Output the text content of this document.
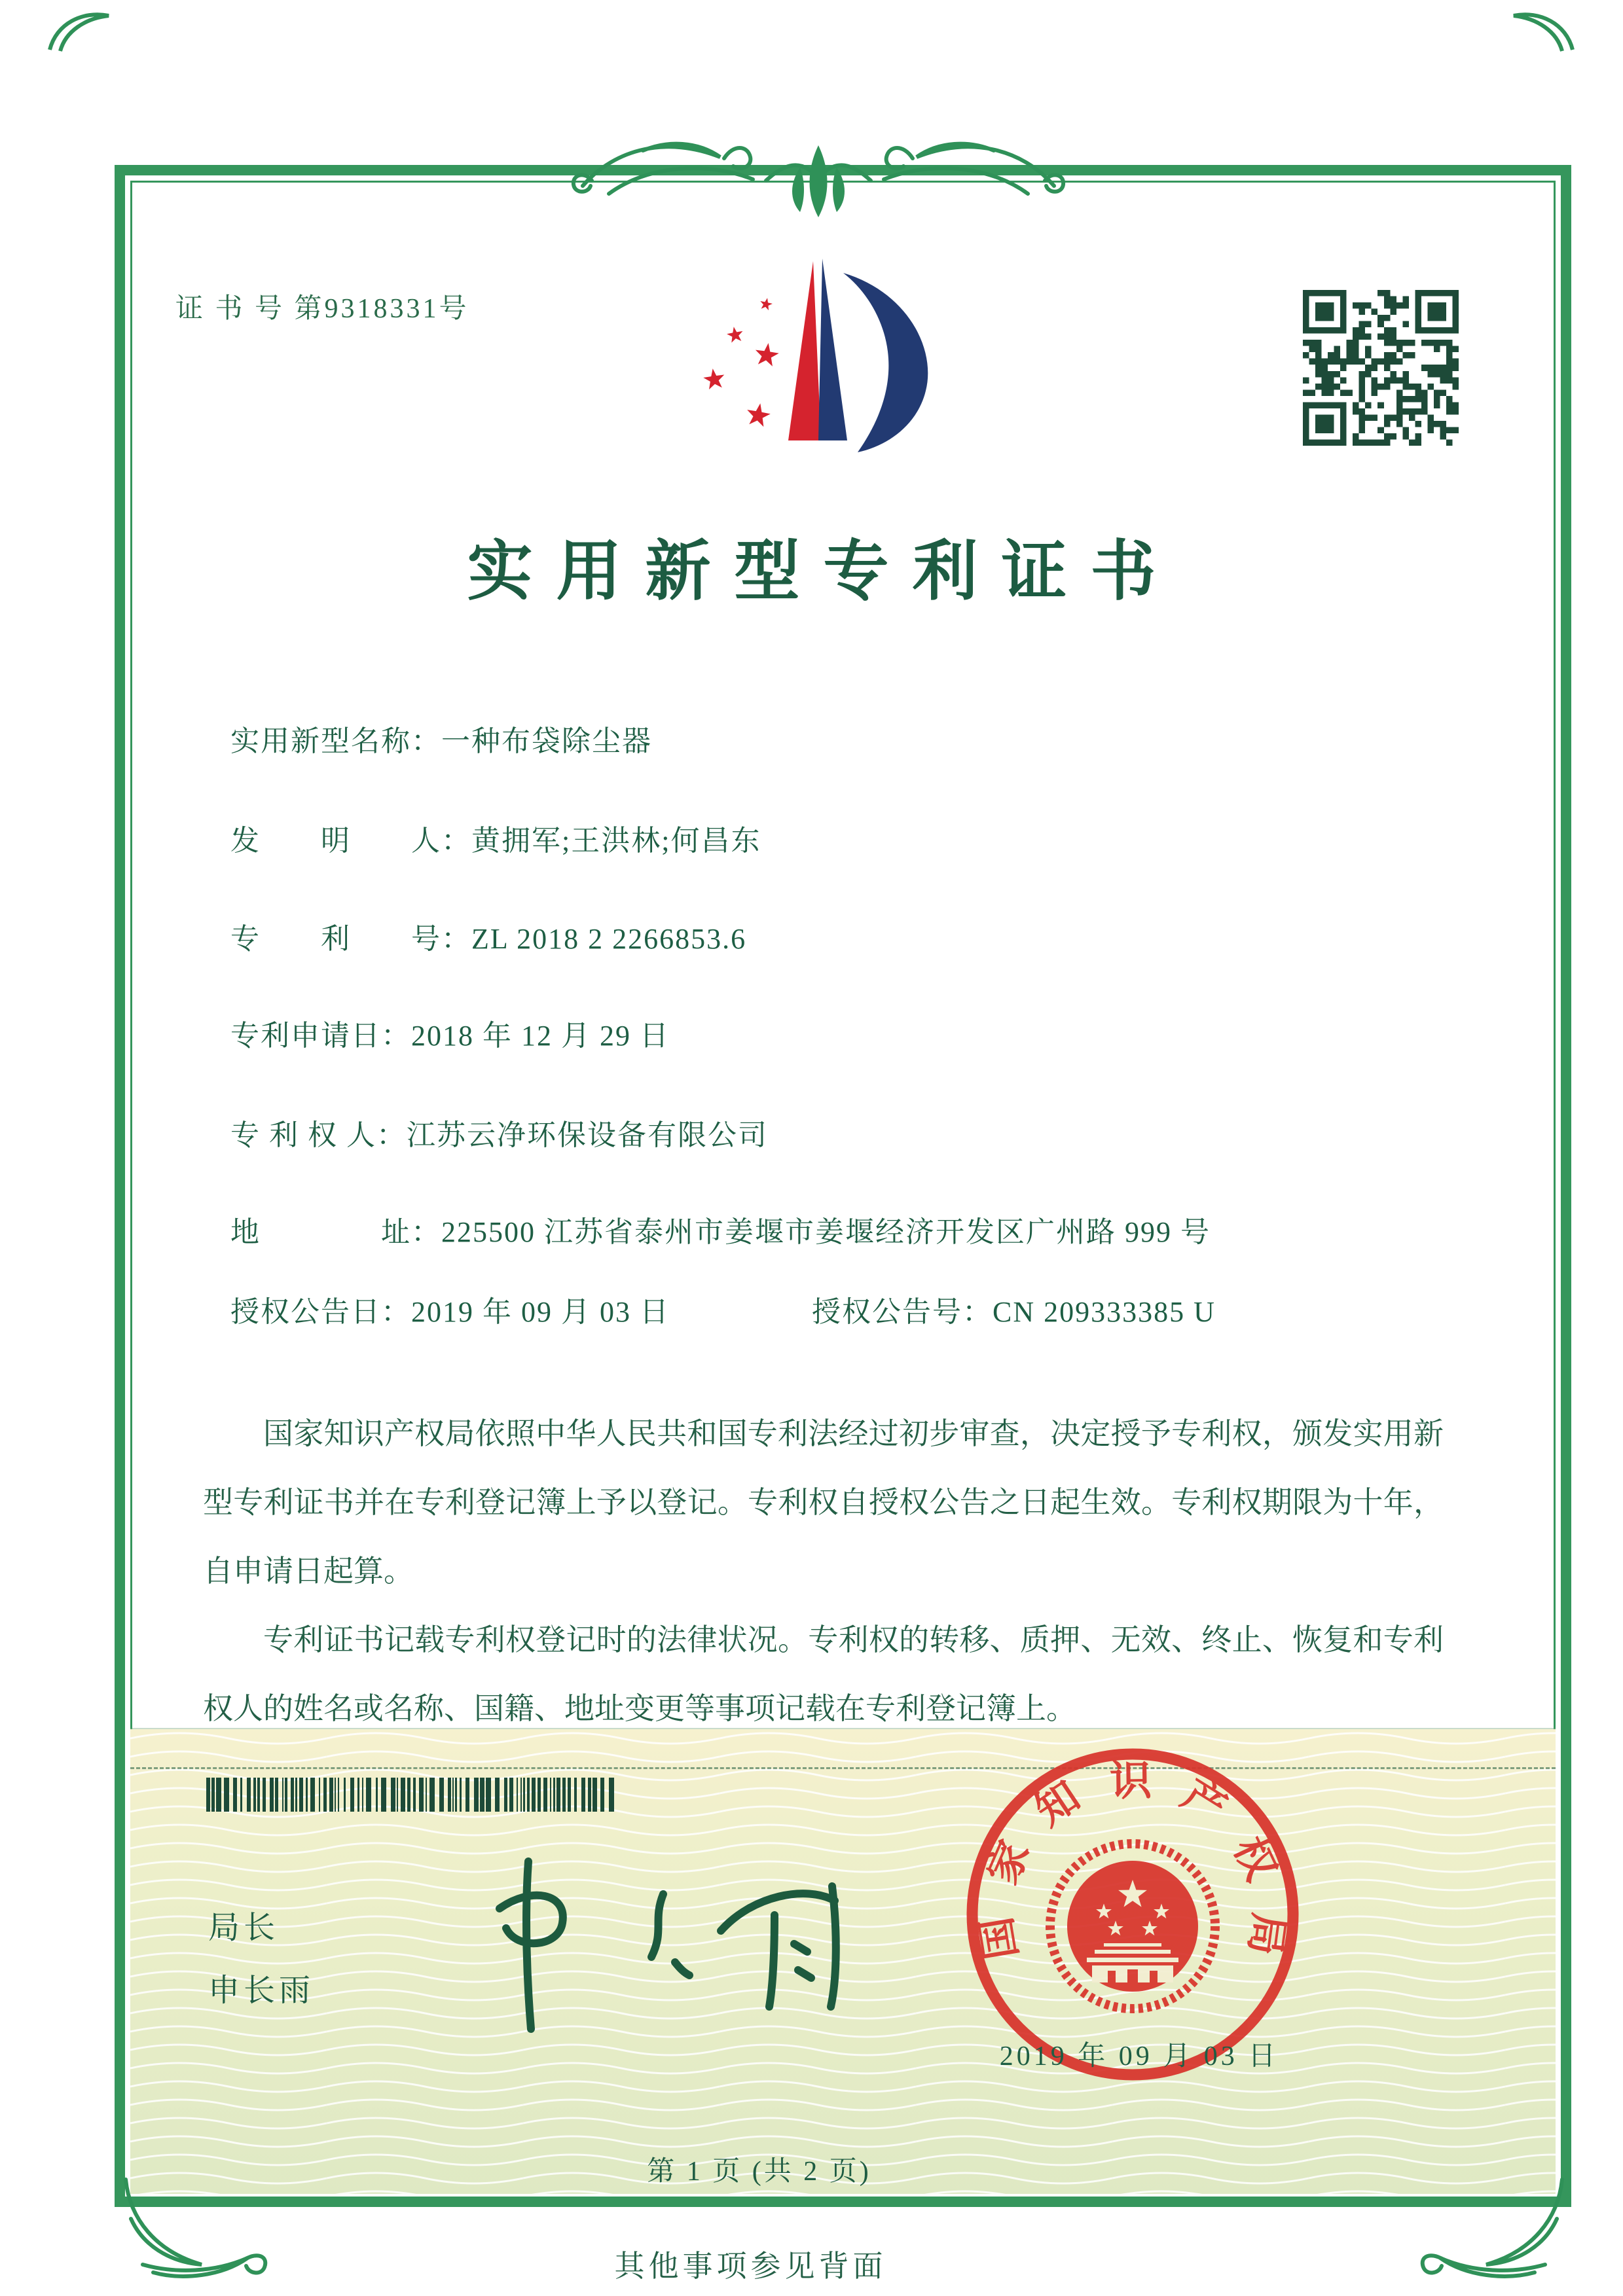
证 书 号 第9318331号
实用新型专利证书
实用新型名称：一种布袋除尘器
发　　明　　人：黄拥军;王洪林;何昌东
专　　利　　号：ZL 2018 2 2266853.6
专利申请日：2018 年 12 月 29 日
专 利 权 人：江苏云净环保设备有限公司
地　　　　址：225500 江苏省泰州市姜堰市姜堰经济开发区广州路 999 号
授权公告日：2019 年 09 月 03 日	授权公告号：CN 209333385 U

国家知识产权局依照中华人民共和国专利法经过初步审查，决定授予专利权，颁发实用新型专利证书并在专利登记簿上予以登记。专利权自授权公告之日起生效。专利权期限为十年，自申请日起算。

专利证书记载专利权登记时的法律状况。专利权的转移、质押、无效、终止、恢复和专利权人的姓名或名称、国籍、地址变更等事项记载在专利登记簿上。

局长
申长雨
国家知识产权局
2019 年 09 月 03 日
第 1 页 (共 2 页)
其他事项参见背面
